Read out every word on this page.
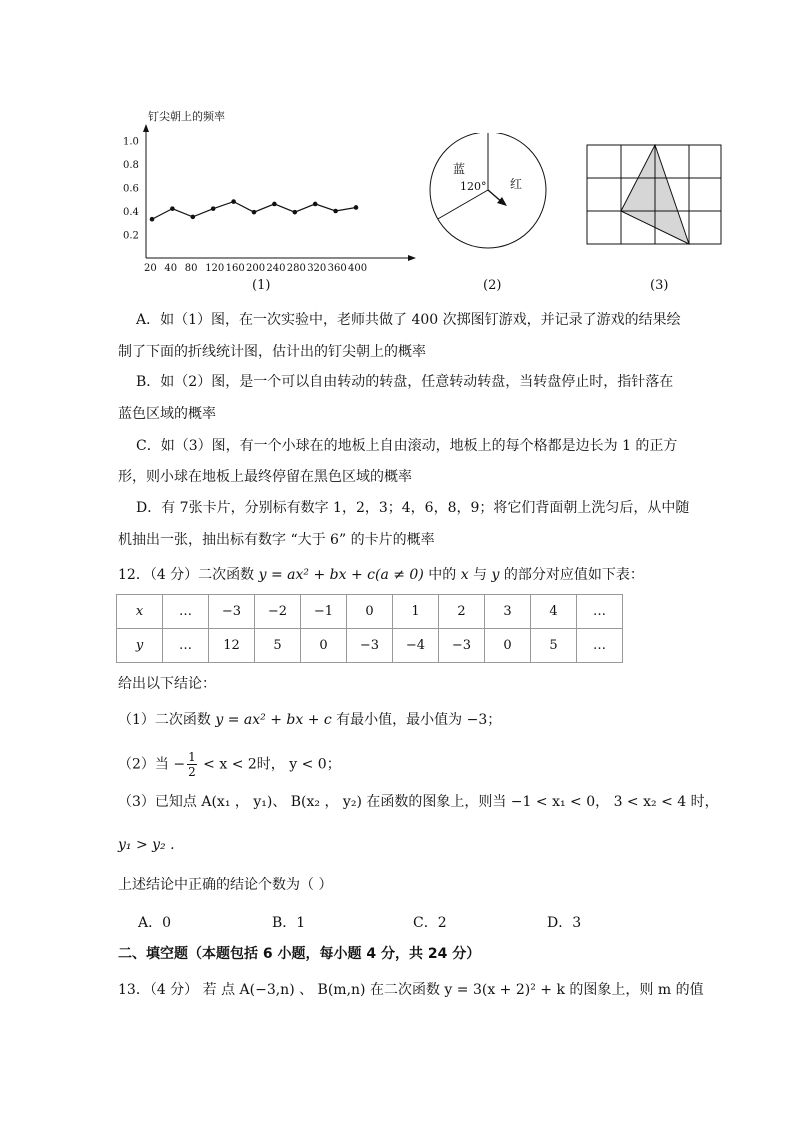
钉尖朝上的频率
1.0
0.8
0.6
0.4
0.2
20 40 80 120 160 200 240 280 320 360 400
(1)
蓝
120° 红
(2)	(3)
A．如（1）图，在一次实验中，老师共做了 400 次掷图钉游戏，并记录了游戏的结果绘
制了下面的折线统计图，估计出的钉尖朝上的概率
B．如（2）图，是一个可以自由转动的转盘，任意转动转盘，当转盘停止时，指针落在
蓝色区域的概率
C．如（3）图，有一个小球在的地板上自由滚动，地板上的每个格都是边长为 1 的正方
形，则小球在地板上最终停留在黑色区域的概率
D．有 7张卡片，分别标有数字 1，2，3；4，6，8，9；将它们背面朝上洗匀后，从中随
机抽出一张，抽出标有数字 “大于 6” 的卡片的概率
12．（4 分）二次函数 y = ax² + bx + c(a ≠ 0) 中的 x 与 y 的部分对应值如下表：
x	…	−3	−2	−1	0	1	2	3	4	…
y	…	12	5	0	−3	−4	−3	0	5	…
给出以下结论：
（1）二次函数 y = ax² + bx + c 有最小值，最小值为 −3；
（2）当 − $\frac{1}{2} < x < 2$时， y < 0；
（3）已知点 A(x₁ ， y₁)、 B(x₂ ， y₂) 在函数的图象上，则当 −1 < x₁ < 0， 3 < x₂ < 4 时，
y₁ > y₂ .
上述结论中正确的结论个数为（ ）
A．0	B．1	C．2	D．3
二、填空题（本题包括 6 小题，每小题 4 分，共 24 分）
13．（4 分） 若 点 A(−3,n) 、 B(m,n) 在二次函数 y = 3(x + 2)² + k 的图象上，则 m 的值
